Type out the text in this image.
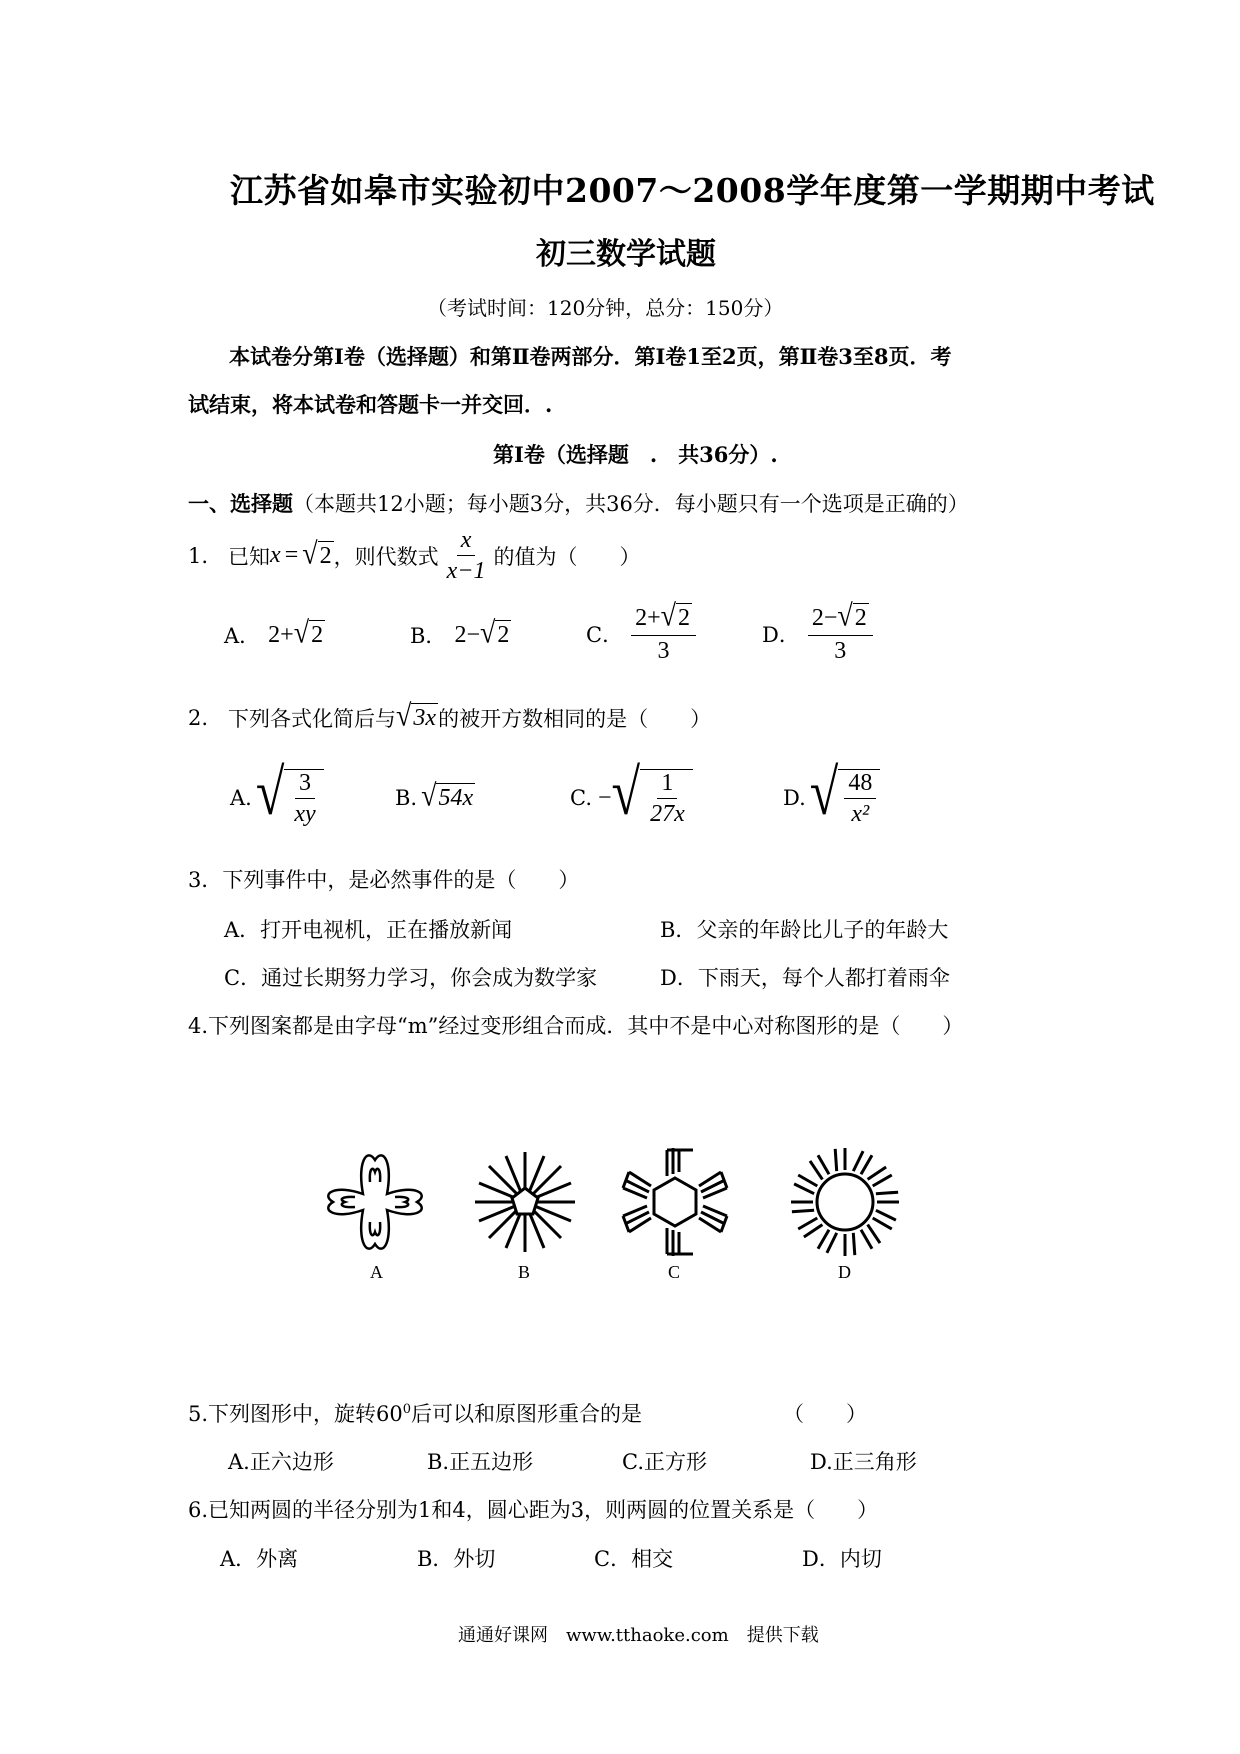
江苏省如皋市实验初中2007～2008学年度第一学期期中考试
初三数学试题
（考试时间：120分钟，总分：150分）
本试卷分第Ⅰ卷（选择题）和第Ⅱ卷两部分．第Ⅰ卷1至2页，第Ⅱ卷3至8页．考
试结束，将本试卷和答题卡一并交回．.
第Ⅰ卷（选择题　.　共36分）.
一、选择题（本题共12小题；每小题3分，共36分．每小题只有一个选项是正确的）
1. 已知 x = √ 2 ，则代数式 $\frac{x}{x-1}$ 的值为（　　）
A． 2+ √ 2	B． 2− √ 2	C． $\frac{2+ √ 2}{3}$	D． $\frac{2- √ 2}{3}$
2. 下列各式化简后与 √ 3x 的被开方数相同的是（　　）
A. √ $\frac{3}{xy}$	B. √ 54x	C. − √ $\frac{1}{27x}$	D. √ $\frac{48}{\text{x²}}$
3．下列事件中，是必然事件的是（　　）
A．打开电视机，正在播放新闻	B．父亲的年龄比儿子的年龄大
C．通过长期努力学习，你会成为数学家	D．下雨天，每个人都打着雨伞
4.下列图案都是由字母“m”经过变形组合而成．其中不是中心对称图形的是（　　）
A	B	C	D
5.下列图形中，旋转$60^0$后可以和原图形重合的是	（　　）
A.正六边形	B.正五边形	C.正方形	D.正三角形
6.已知两圆的半径分别为1和4，圆心距为3，则两圆的位置关系是（　　）
A．外离	B．外切	C．相交	D．内切
通通好课网　www.tthaoke.com　提供下载
